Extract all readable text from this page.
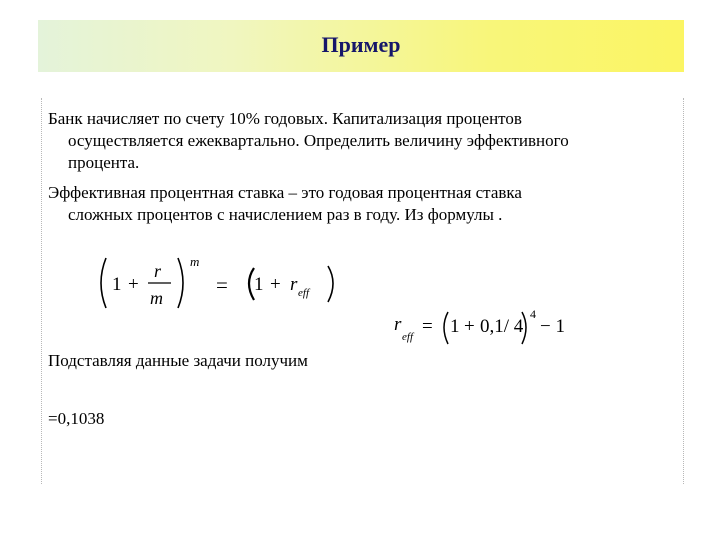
Пример
Банк начисляет по счету 10% годовых. Капитализация процентов
осуществляется ежеквартально. Определить величину эффективного
процента.
Эффективная процентная ставка – это годовая процентная ставка
сложных процентов с начислением раз в году. Из формулы .
1 +
r
m
m
= 1 + r eff
r
eff = 1 + 0,1/ 4
4
− 1
Подставляя данные задачи получим
=0,1038
